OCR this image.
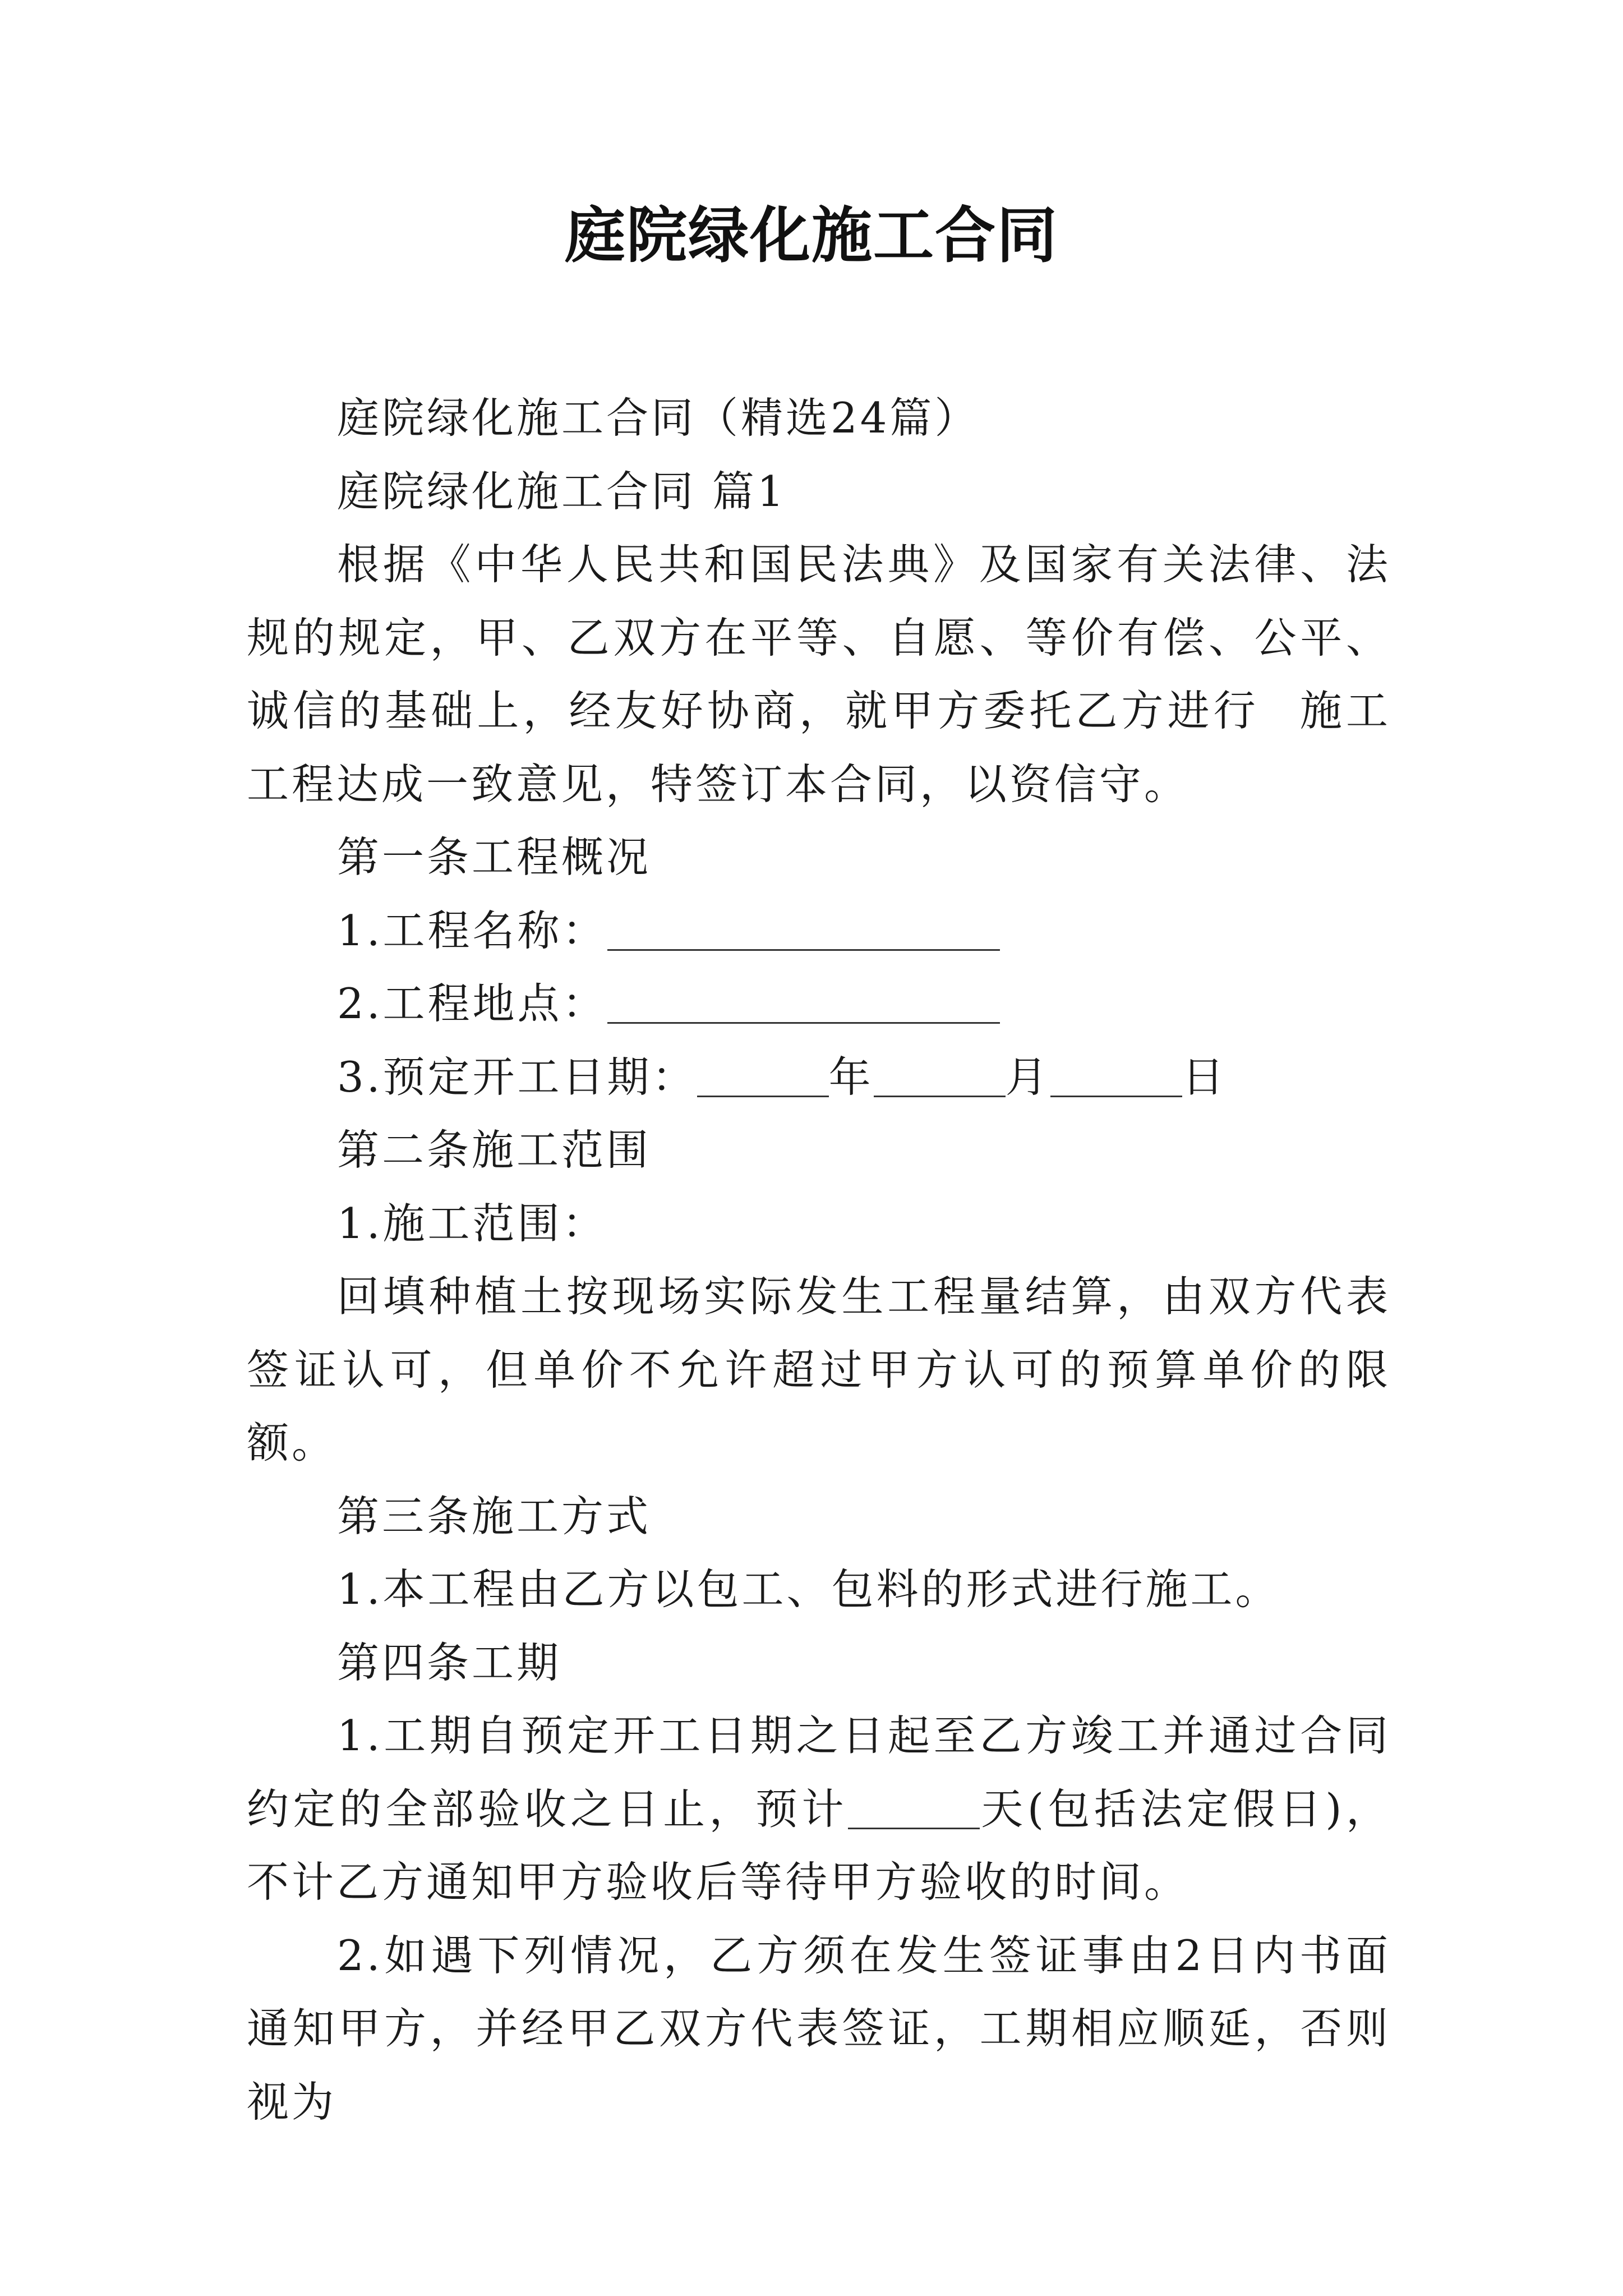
庭院绿化施工合同

庭院绿化施工合同（精选24篇）

庭院绿化施工合同 篇1

根据《中华人民共和国民法典》及国家有关法律、法规的规定，甲、乙双方在平等、自愿、等价有偿、公平、诚信的基础上，经友好协商，就甲方委托乙方进行 施工工程达成一致意见，特签订本合同，以资信守。

第一条工程概况

1.工程名称：

2.工程地点：

3.预定开工日期：	年	月	日

第二条施工范围

1.施工范围：

回填种植土按现场实际发生工程量结算，由双方代表签证认可，但单价不允许超过甲方认可的预算单价的限额。

第三条施工方式

1.本工程由乙方以包工、包料的形式进行施工。

第四条工期

1.工期自预定开工日期之日起至乙方竣工并通过合同约定的全部验收之日止，预计	天(包括法定假日)，不计乙方通知甲方验收后等待甲方验收的时间。

2.如遇下列情况，乙方须在发生签证事由2日内书面通知甲方，并经甲乙双方代表签证，工期相应顺延，否则视为
